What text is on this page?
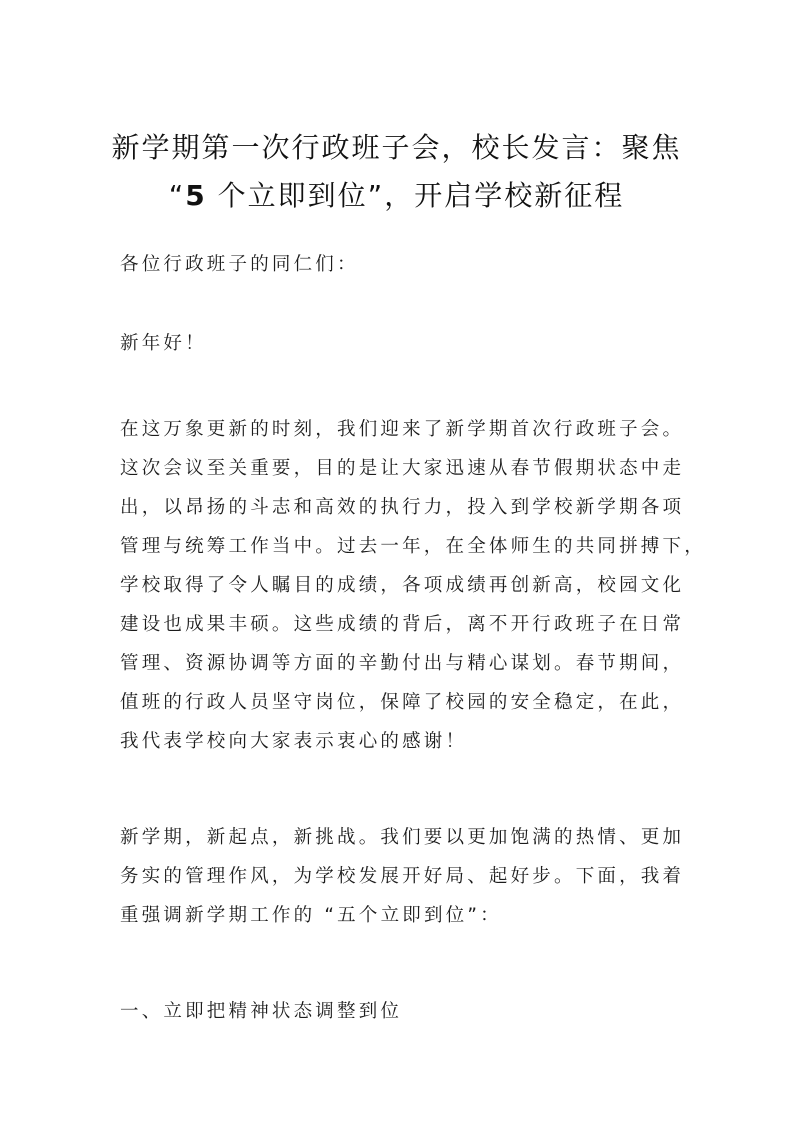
新学期第一次行政班子会，校长发言：聚焦
“5 个立即到位”，开启学校新征程

各位行政班子的同仁们：

新年好！

在这万象更新的时刻，我们迎来了新学期首次行政班子会。
这次会议至关重要，目的是让大家迅速从春节假期状态中走
出，以昂扬的斗志和高效的执行力，投入到学校新学期各项
管理与统筹工作当中。过去一年，在全体师生的共同拼搏下，
学校取得了令人瞩目的成绩，各项成绩再创新高，校园文化
建设也成果丰硕。这些成绩的背后，离不开行政班子在日常
管理、资源协调等方面的辛勤付出与精心谋划。春节期间，
值班的行政人员坚守岗位，保障了校园的安全稳定，在此，
我代表学校向大家表示衷心的感谢！

新学期，新起点，新挑战。我们要以更加饱满的热情、更加
务实的管理作风，为学校发展开好局、起好步。下面，我着
重强调新学期工作的 “五个立即到位”：

一、立即把精神状态调整到位
